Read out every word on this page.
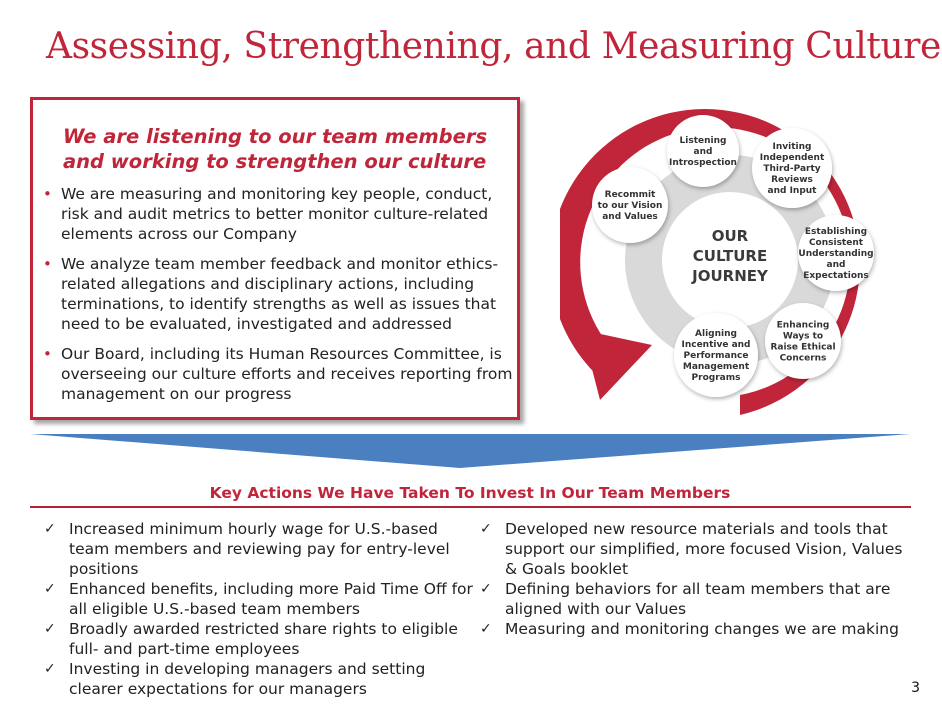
Assessing, Strengthening, and Measuring Culture
We are listening to our team members and working to strengthen our culture
• We are measuring and monitoring key people, conduct, risk and audit metrics to better monitor culture-related elements across our Company
• We analyze team member feedback and monitor ethics-related allegations and disciplinary actions, including terminations, to identify strengths as well as issues that need to be evaluated, investigated and addressed
• Our Board, including its Human Resources Committee, is overseeing our culture efforts and receives reporting from management on our progress
OUR
CULTURE
JOURNEY
Listening
and
Introspection
Inviting
Independent
Third-Party
Reviews
and Input
Establishing
Consistent
Understanding
and
Expectations
Enhancing
Ways to
Raise Ethical
Concerns
Aligning
Incentive and
Performance
Management
Programs
Recommit
to our Vision
and Values
Key Actions We Have Taken To Invest In Our Team Members
✓ Increased minimum hourly wage for U.S.-based team members and reviewing pay for entry-level positions
✓ Enhanced benefits, including more Paid Time Off for all eligible U.S.-based team members
✓ Broadly awarded restricted share rights to eligible full- and part-time employees
✓ Investing in developing managers and setting clearer expectations for our managers
✓ Developed new resource materials and tools that support our simplified, more focused Vision, Values & Goals booklet
✓ Defining behaviors for all team members that are aligned with our Values
✓ Measuring and monitoring changes we are making
3
